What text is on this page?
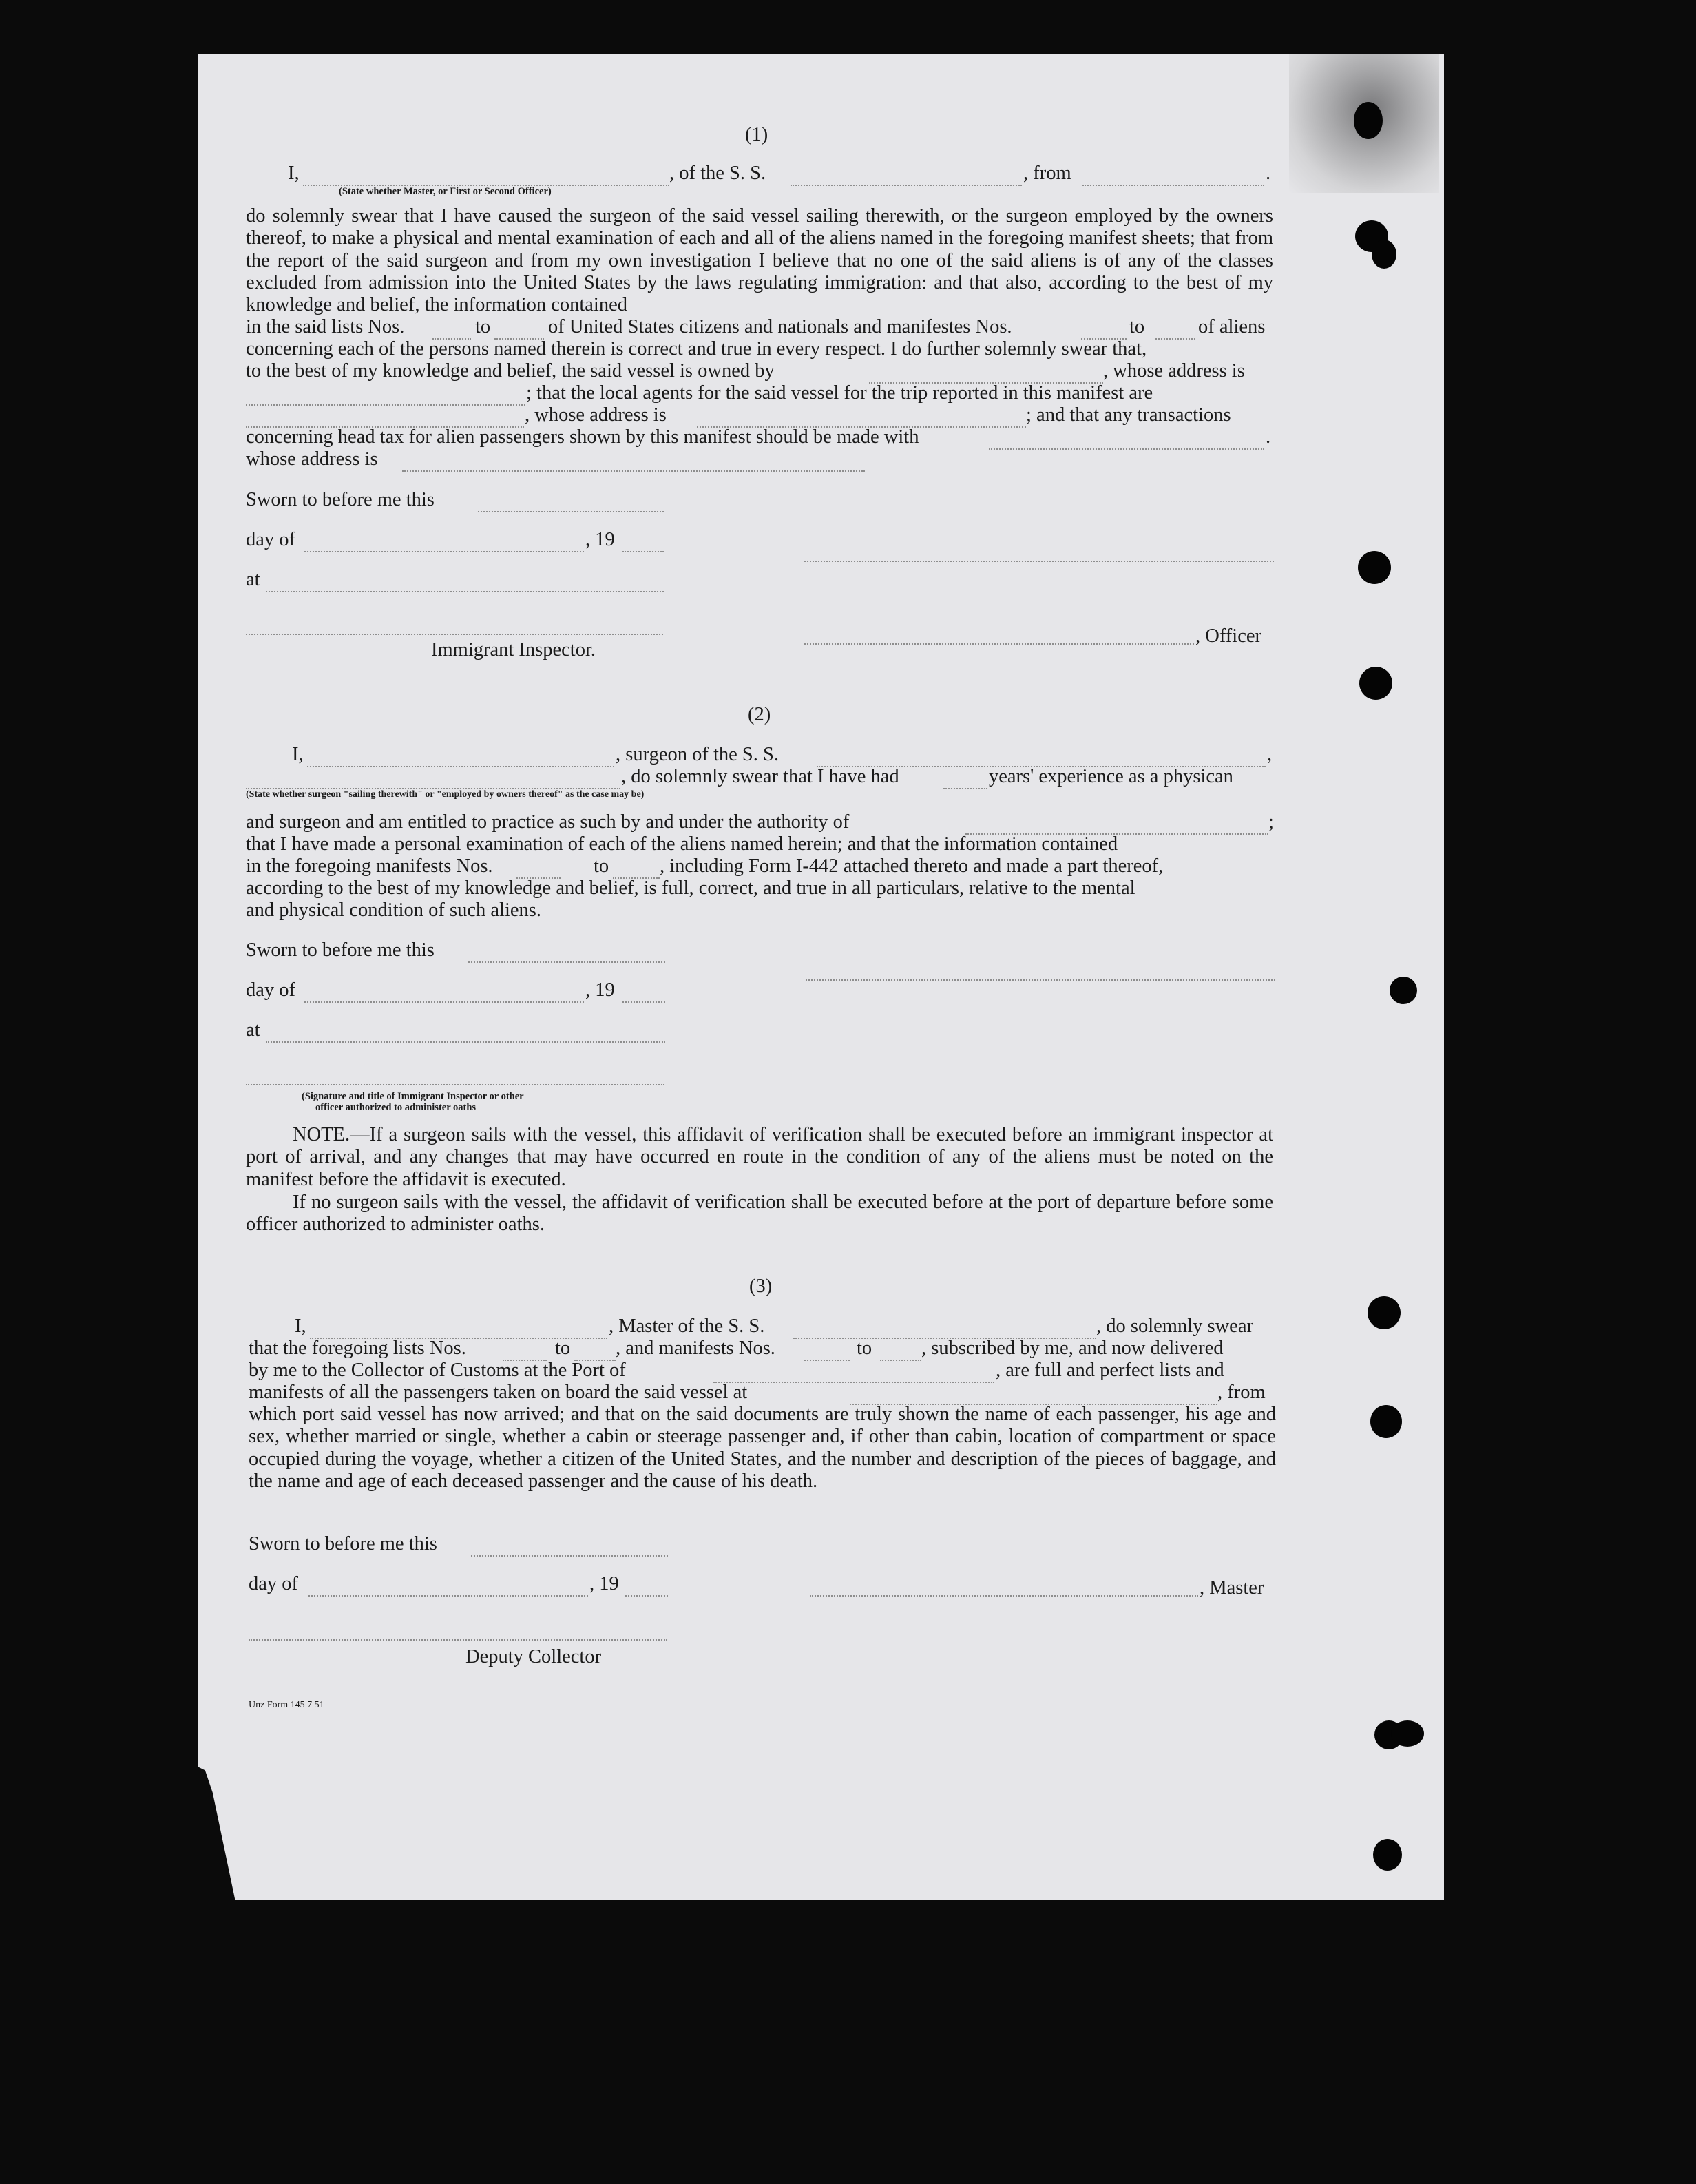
(1)
I,	, of the S. S.	, from	.
(State whether Master, or First or Second Officer)
do solemnly swear that I have caused the surgeon of the said vessel sailing therewith, or the surgeon employed by the owners thereof, to make a physical and mental examination of each and all of the aliens named in the foregoing manifest sheets; that from the report of the said surgeon and from my own investigation I believe that no one of the said aliens is of any of the classes excluded from admission into the United States by the laws regulating immigration: and that also, according to the best of my knowledge and belief, the information contained
in the said lists Nos.	to	of United States citizens and nationals and manifestes Nos.	to	of aliens
concerning each of the persons named therein is correct and true in every respect. I do further solemnly swear that,
to the best of my knowledge and belief, the said vessel is owned by	, whose address is
; that the local agents for the said vessel for the trip reported in this manifest are
, whose address is	; and that any transactions
concerning head tax for alien passengers shown by this manifest should be made with	.
whose address is
Sworn to before me this
day of	, 19
at
, Officer
Immigrant Inspector.
(2)
I,	, surgeon of the S. S.	,
, do solemnly swear that I have had	years' experience as a physican
(State whether surgeon "sailing therewith" or "employed by owners thereof" as the case may be)
and surgeon and am entitled to practice as such by and under the authority of	;
that I have made a personal examination of each of the aliens named herein; and that the information contained
in the foregoing manifests Nos.	to	, including Form I-442 attached thereto and made a part thereof,
according to the best of my knowledge and belief, is full, correct, and true in all particulars, relative to the mental
and physical condition of such aliens.
Sworn to before me this
day of	, 19
at
(Signature and title of Immigrant Inspector or other
officer authorized to administer oaths
NOTE.—If a surgeon sails with the vessel, this affidavit of verification shall be executed before an immigrant inspector at port of arrival, and any changes that may have occurred en route in the condition of any of the aliens must be noted on the manifest before the affidavit is executed.
If no surgeon sails with the vessel, the affidavit of verification shall be executed before at the port of departure before some officer authorized to administer oaths.
(3)
I,	, Master of the S. S.	, do solemnly swear
that the foregoing lists Nos.	to , and manifests Nos.	to	, subscribed by me, and now delivered
by me to the Collector of Customs at the Port of	, are full and perfect lists and
manifests of all the passengers taken on board the said vessel at	, from
which port said vessel has now arrived; and that on the said documents are truly shown the name of each passenger, his age and sex, whether married or single, whether a cabin or steerage passenger and, if other than cabin, location of compartment or space occupied during the voyage, whether a citizen of the United States, and the number and description of the pieces of baggage, and the name and age of each deceased passenger and the cause of his death.
Sworn to before me this
day of	, 19	, Master
Deputy Collector
Unz Form 145 7 51
